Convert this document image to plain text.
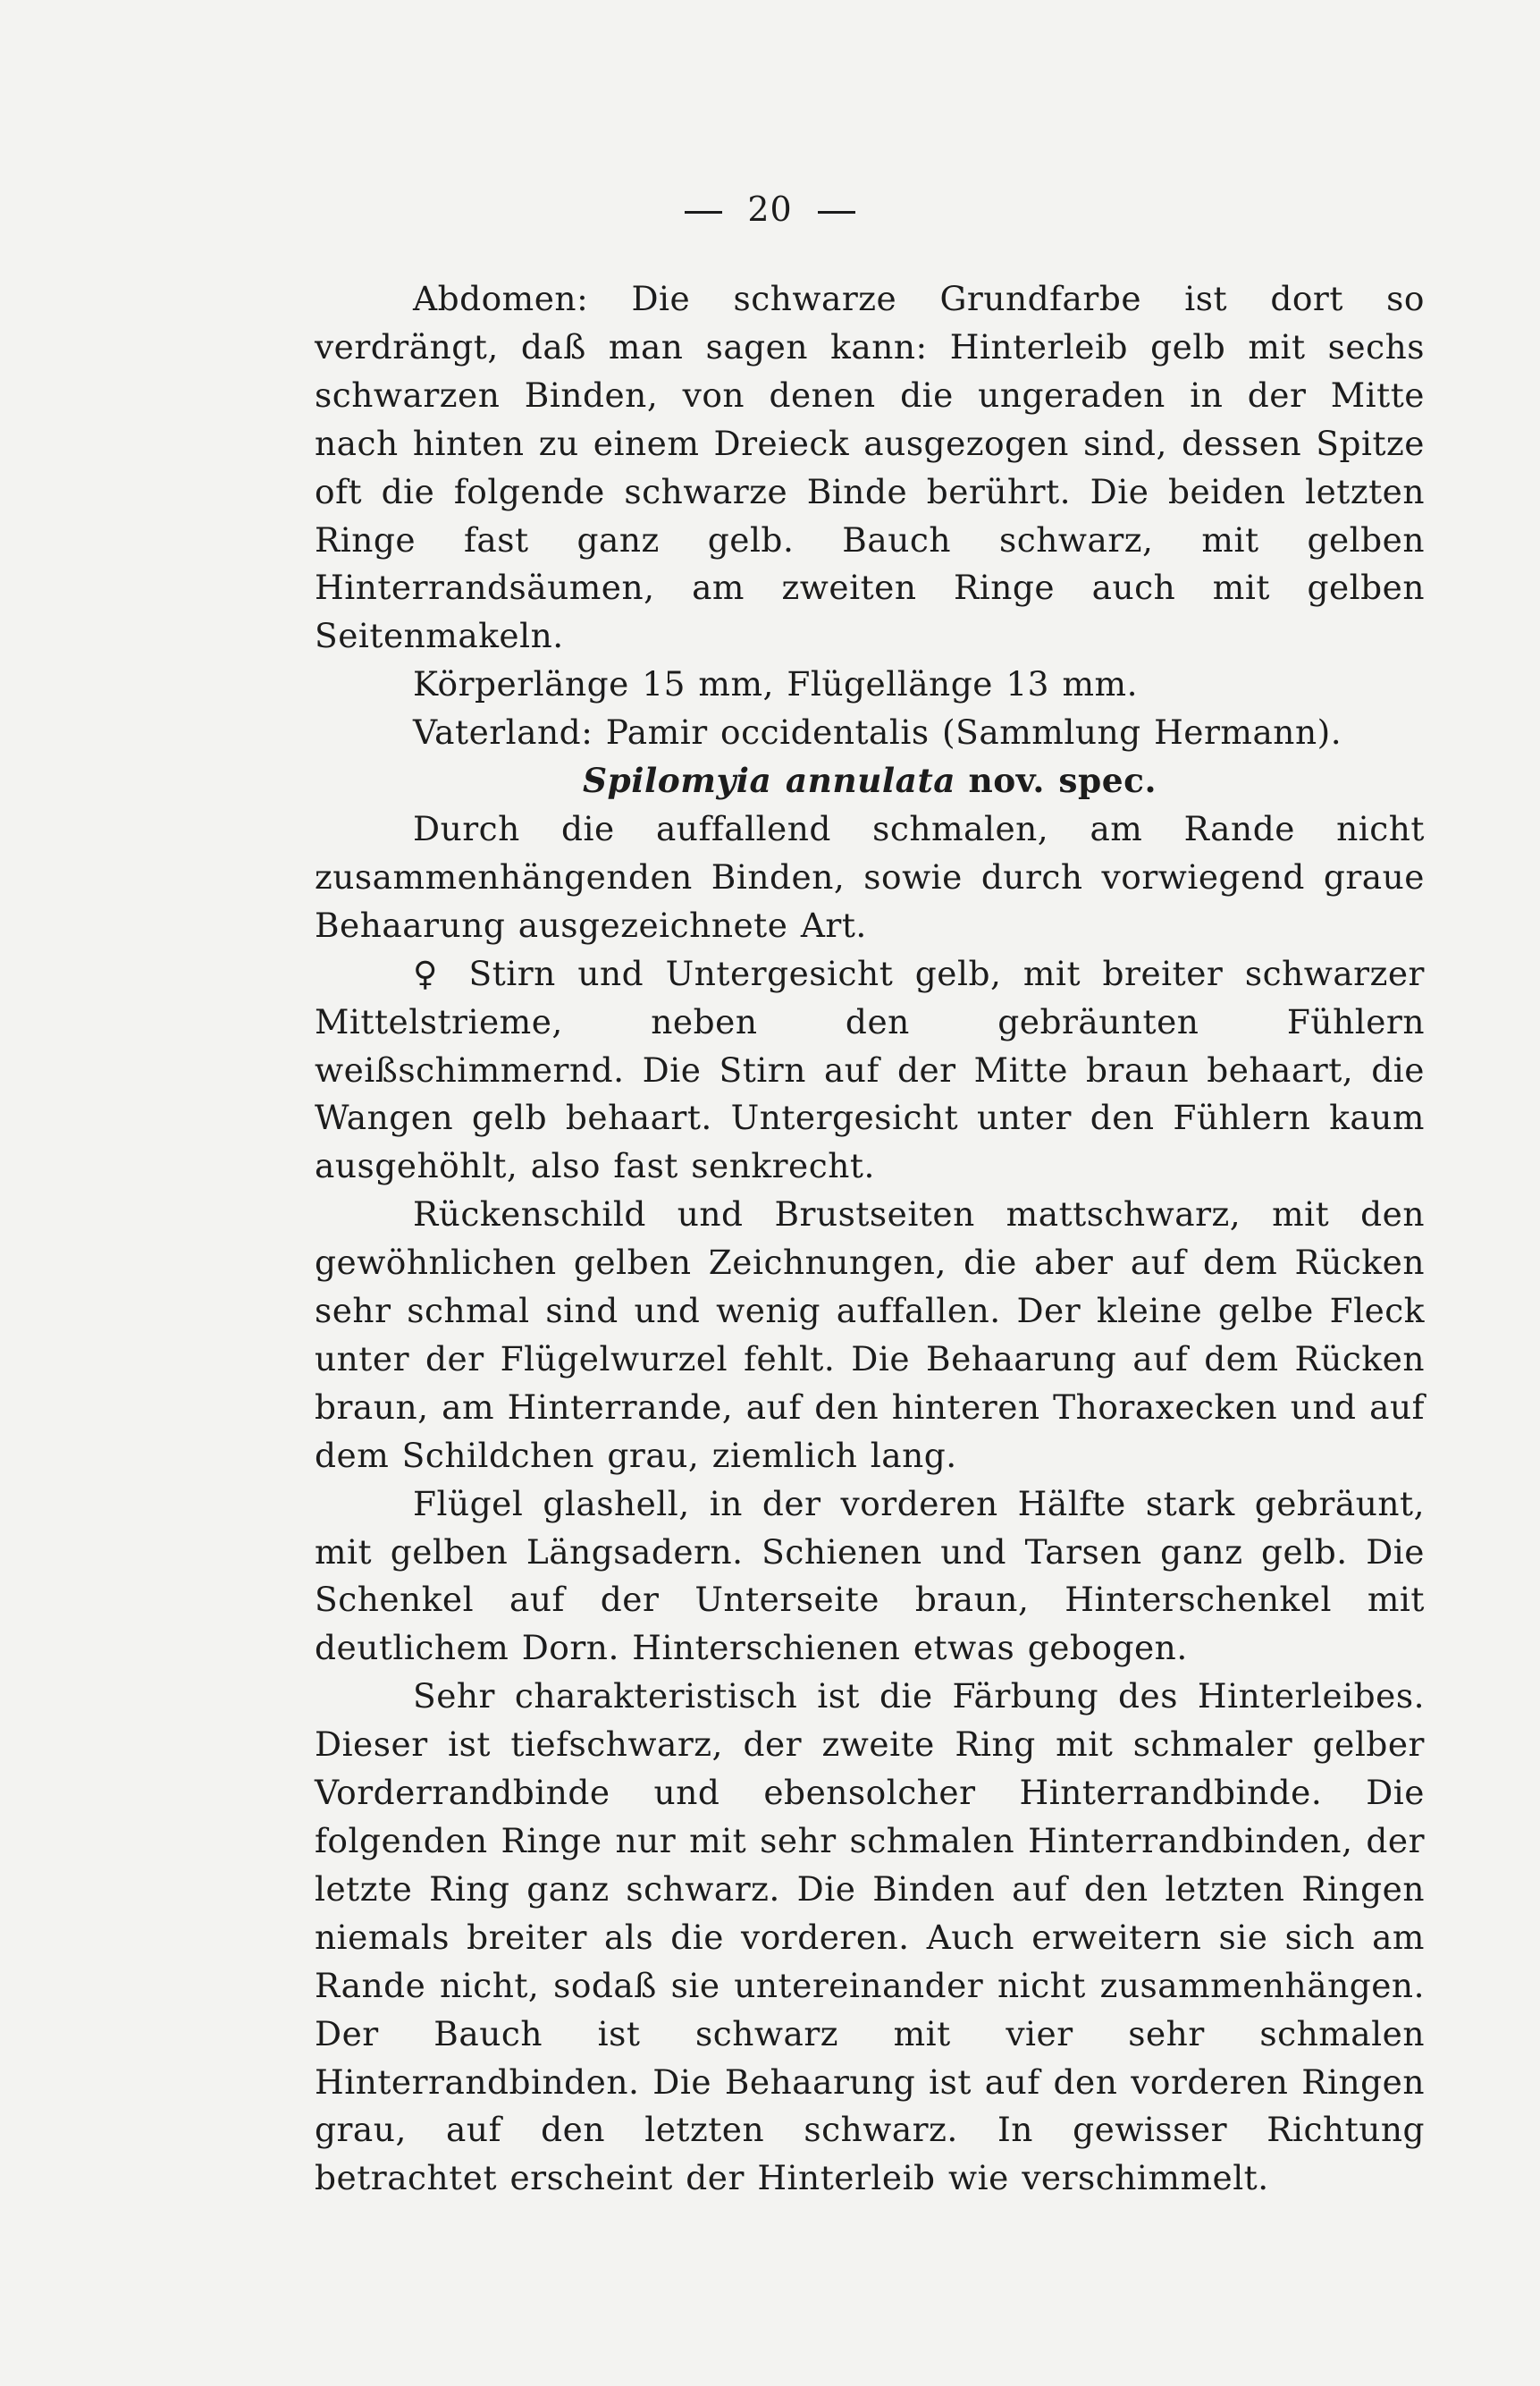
20

Abdomen: Die schwarze Grundfarbe ist dort so verdrängt, daß man sagen kann: Hinterleib gelb mit sechs schwarzen Binden, von denen die ungeraden in der Mitte nach hinten zu einem Dreieck ausgezogen sind, dessen Spitze oft die folgende schwarze Binde berührt. Die beiden letzten Ringe fast ganz gelb. Bauch schwarz, mit gelben Hinterrandsäumen, am zweiten Ringe auch mit gelben Seitenmakeln.

Körperlänge 15 mm, Flügellänge 13 mm.

Vaterland: Pamir occidentalis (Sammlung Hermann).

Spilomyia annulata nov. spec.

Durch die auffallend schmalen, am Rande nicht zusammenhängenden Binden, sowie durch vorwiegend graue Behaarung ausgezeichnete Art.

♀ Stirn und Untergesicht gelb, mit breiter schwarzer Mittelstrieme, neben den gebräunten Fühlern weißschimmernd. Die Stirn auf der Mitte braun behaart, die Wangen gelb behaart. Untergesicht unter den Fühlern kaum ausgehöhlt, also fast senkrecht.

Rückenschild und Brustseiten mattschwarz, mit den gewöhnlichen gelben Zeichnungen, die aber auf dem Rücken sehr schmal sind und wenig auffallen. Der kleine gelbe Fleck unter der Flügelwurzel fehlt. Die Behaarung auf dem Rücken braun, am Hinterrande, auf den hinteren Thoraxecken und auf dem Schildchen grau, ziemlich lang.

Flügel glashell, in der vorderen Hälfte stark gebräunt, mit gelben Längsadern. Schienen und Tarsen ganz gelb. Die Schenkel auf der Unterseite braun, Hinterschenkel mit deutlichem Dorn. Hinterschienen etwas gebogen.

Sehr charakteristisch ist die Färbung des Hinterleibes. Dieser ist tiefschwarz, der zweite Ring mit schmaler gelber Vorderrandbinde und ebensolcher Hinterrandbinde. Die folgenden Ringe nur mit sehr schmalen Hinterrandbinden, der letzte Ring ganz schwarz. Die Binden auf den letzten Ringen niemals breiter als die vorderen. Auch erweitern sie sich am Rande nicht, sodaß sie untereinander nicht zusammenhängen. Der Bauch ist schwarz mit vier sehr schmalen Hinterrandbinden. Die Behaarung ist auf den vorderen Ringen grau, auf den letzten schwarz. In gewisser Richtung betrachtet erscheint der Hinterleib wie verschimmelt.
